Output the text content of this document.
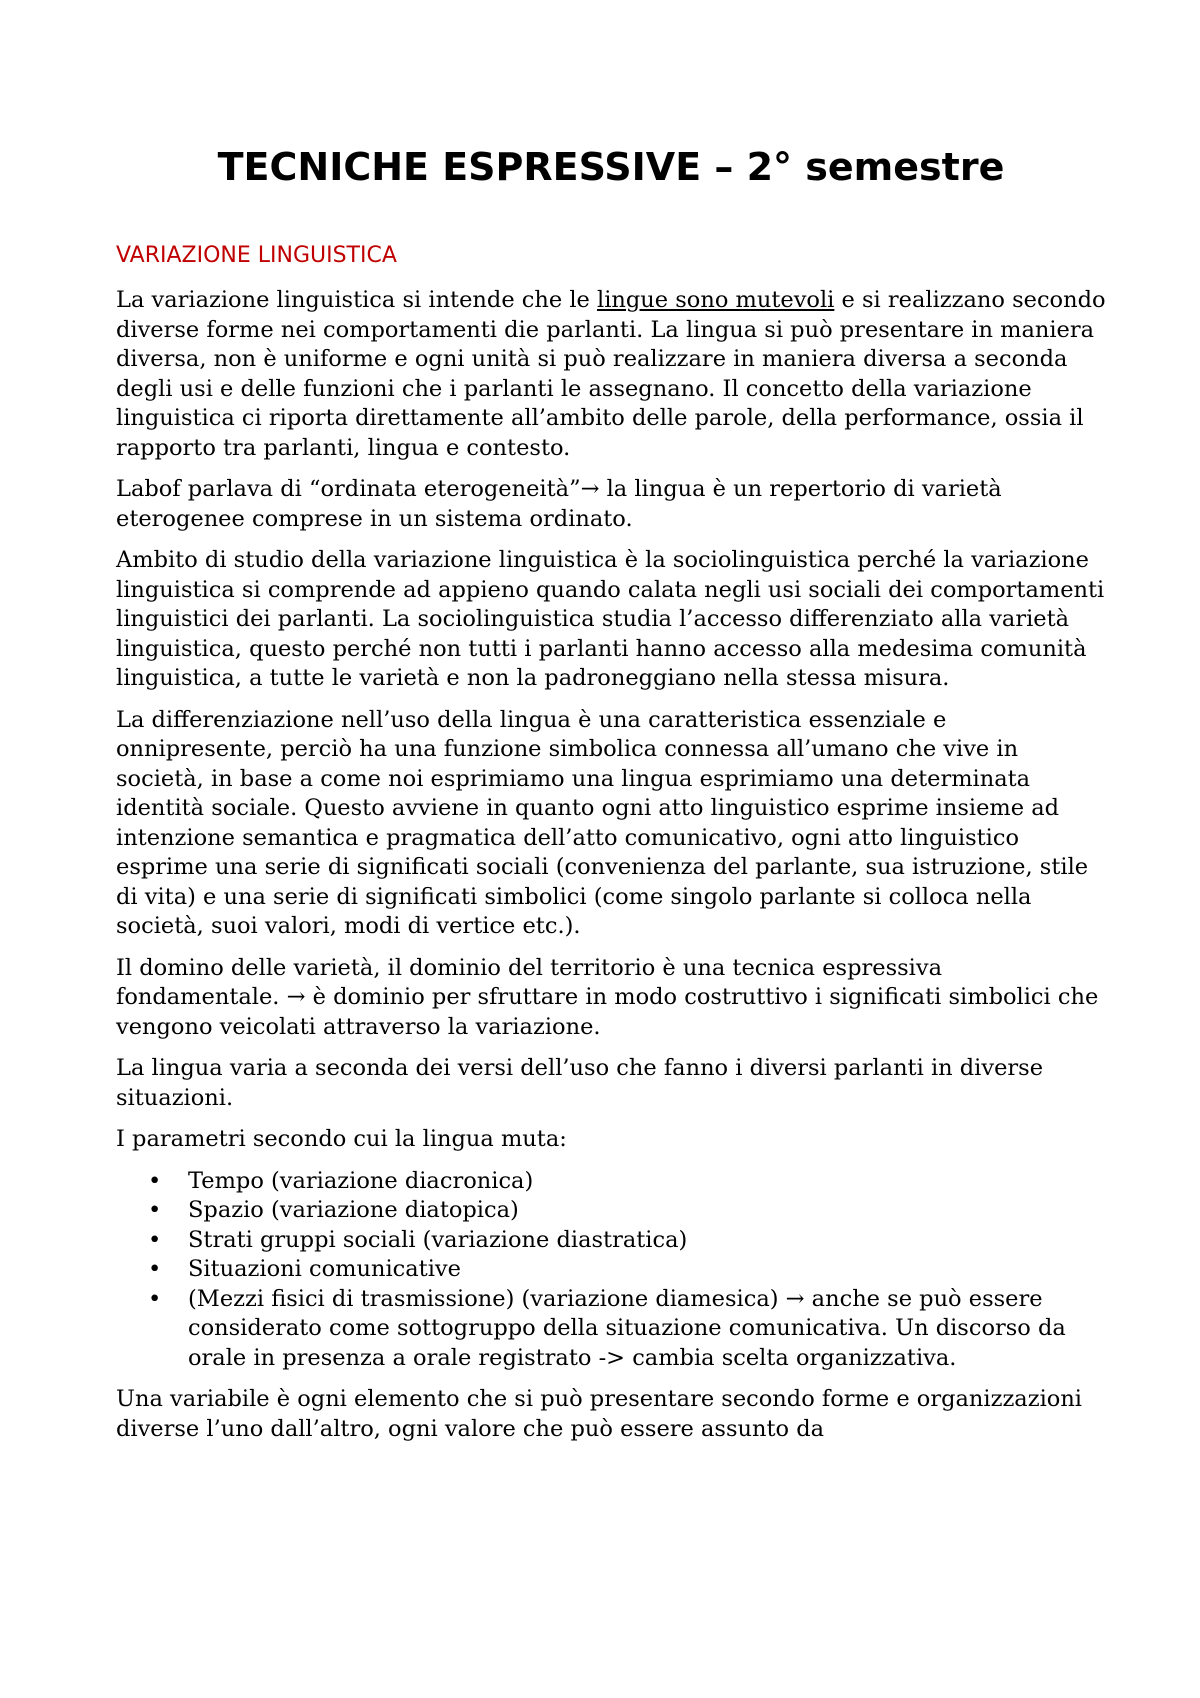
TECNICHE ESPRESSIVE – 2° semestre
VARIAZIONE LINGUISTICA

La variazione linguistica si intende che le lingue sono mutevoli e si realizzano secondo diverse forme nei comportamenti die parlanti. La lingua si può presentare in maniera diversa, non è uniforme e ogni unità si può realizzare in maniera diversa a seconda degli usi e delle funzioni che i parlanti le assegnano. Il concetto della variazione linguistica ci riporta direttamente all’ambito delle parole, della performance, ossia il rapporto tra parlanti, lingua e contesto.

Labof parlava di “ordinata eterogeneità”→ la lingua è un repertorio di varietà eterogenee comprese in un sistema ordinato.

Ambito di studio della variazione linguistica è la sociolinguistica perché la variazione linguistica si comprende ad appieno quando calata negli usi sociali dei comportamenti linguistici dei parlanti. La sociolinguistica studia l’accesso differenziato alla varietà linguistica, questo perché non tutti i parlanti hanno accesso alla medesima comunità linguistica, a tutte le varietà e non la padroneggiano nella stessa misura.

La differenziazione nell’uso della lingua è una caratteristica essenziale e onnipresente, perciò ha una funzione simbolica connessa all’umano che vive in società, in base a come noi esprimiamo una lingua esprimiamo una determinata identità sociale. Questo avviene in quanto ogni atto linguistico esprime insieme ad intenzione semantica e pragmatica dell’atto comunicativo, ogni atto linguistico esprime una serie di significati sociali (convenienza del parlante, sua istruzione, stile di vita) e una serie di significati simbolici (come singolo parlante si colloca nella società, suoi valori, modi di vertice etc.).

Il domino delle varietà, il dominio del territorio è una tecnica espressiva fondamentale. → è dominio per sfruttare in modo costruttivo i significati simbolici che vengono veicolati attraverso la variazione.

La lingua varia a seconda dei versi dell’uso che fanno i diversi parlanti in diverse situazioni.

I parametri secondo cui la lingua muta:

• Tempo (variazione diacronica)
• Spazio (variazione diatopica)
• Strati gruppi sociali (variazione diastratica)
• Situazioni comunicative
• (Mezzi fisici di trasmissione) (variazione diamesica) → anche se può essere considerato come sottogruppo della situazione comunicativa. Un discorso da orale in presenza a orale registrato -> cambia scelta organizzativa.

Una variabile è ogni elemento che si può presentare secondo forme e organizzazioni diverse l’uno dall’altro, ogni valore che può essere assunto da
